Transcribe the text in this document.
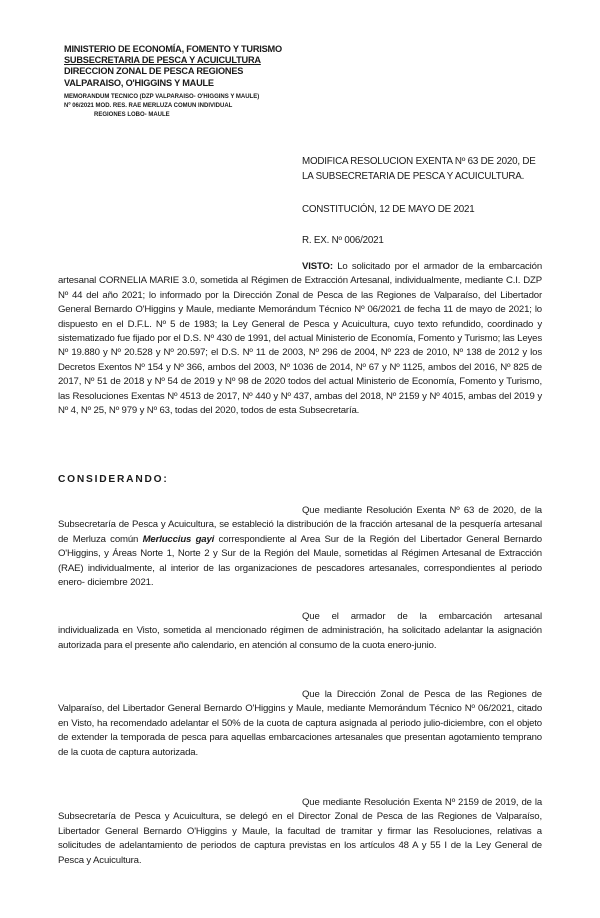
MINISTERIO DE ECONOMÍA, FOMENTO Y TURISMO
SUBSECRETARIA DE PESCA Y ACUICULTURA
DIRECCION ZONAL DE PESCA REGIONES
VALPARAISO, O'HIGGINS Y MAULE
MEMORANDUM TECNICO (DZP VALPARAISO- O'HIGGINS Y MAULE)
Nº 06/2021 MOD. RES. RAE MERLUZA COMUN INDIVIDUAL
REGIONES LOBO- MAULE
MODIFICA RESOLUCION EXENTA Nº 63 DE 2020, DE LA SUBSECRETARIA DE PESCA Y ACUICULTURA.
CONSTITUCIÓN, 12 DE MAYO DE 2021
R. EX. Nº 006/2021
VISTO: Lo solicitado por el armador de la embarcación artesanal CORNELIA MARIE 3.0, sometida al Régimen de Extracción Artesanal, individualmente, mediante C.I. DZP Nº 44 del año 2021; lo informado por la Dirección Zonal de Pesca de las Regiones de Valparaíso, del Libertador General Bernardo O'Higgins y Maule, mediante Memorándum Técnico Nº 06/2021 de fecha 11 de mayo de 2021; lo dispuesto en el D.F.L. Nº 5 de 1983; la Ley General de Pesca y Acuicultura, cuyo texto refundido, coordinado y sistematizado fue fijado por el D.S. Nº 430 de 1991, del actual Ministerio de Economía, Fomento y Turismo; las Leyes Nº 19.880 y Nº 20.528 y Nº 20.597; el D.S. Nº 11 de 2003, Nº 296 de 2004, Nº 223 de 2010, Nº 138 de 2012 y los Decretos Exentos Nº 154 y Nº 366, ambos del 2003, Nº 1036 de 2014, Nº 67 y Nº 1125, ambos del 2016, Nº 825 de 2017, Nº 51 de 2018 y Nº 54 de 2019 y Nº 98 de 2020 todos del actual Ministerio de Economía, Fomento y Turismo, las Resoluciones Exentas Nº 4513 de 2017, Nº 440 y Nº 437, ambas del 2018, Nº 2159 y Nº 4015, ambas del 2019 y Nº 4, Nº 25, Nº 979 y Nº 63, todas del 2020, todos de esta Subsecretaría.
CONSIDERANDO:
Que mediante Resolución Exenta Nº 63 de 2020, de la Subsecretaría de Pesca y Acuicultura, se estableció la distribución de la fracción artesanal de la pesquería artesanal de Merluza común Merluccius gayi correspondiente al Area Sur de la Región del Libertador General Bernardo O'Higgins, y Áreas Norte 1, Norte 2 y Sur de la Región del Maule, sometidas al Régimen Artesanal de Extracción (RAE) individualmente, al interior de las organizaciones de pescadores artesanales, correspondientes al periodo enero- diciembre 2021.
Que el armador de la embarcación artesanal individualizada en Visto, sometida al mencionado régimen de administración, ha solicitado adelantar la asignación autorizada para el presente año calendario, en atención al consumo de la cuota enero-junio.
Que la Dirección Zonal de Pesca de las Regiones de Valparaíso, del Libertador General Bernardo O'Higgins y Maule, mediante Memorándum Técnico Nº 06/2021, citado en Visto, ha recomendado adelantar el 50% de la cuota de captura asignada al periodo julio-diciembre, con el objeto de extender la temporada de pesca para aquellas embarcaciones artesanales que presentan agotamiento temprano de la cuota de captura autorizada.
Que mediante Resolución Exenta Nº 2159 de 2019, de la Subsecretaría de Pesca y Acuicultura, se delegó en el Director Zonal de Pesca de las Regiones de Valparaíso, Libertador General Bernardo O'Higgins y Maule, la facultad de tramitar y firmar las Resoluciones, relativas a solicitudes de adelantamiento de periodos de captura previstas en los artículos 48 A y 55 I de la Ley General de Pesca y Acuicultura.
